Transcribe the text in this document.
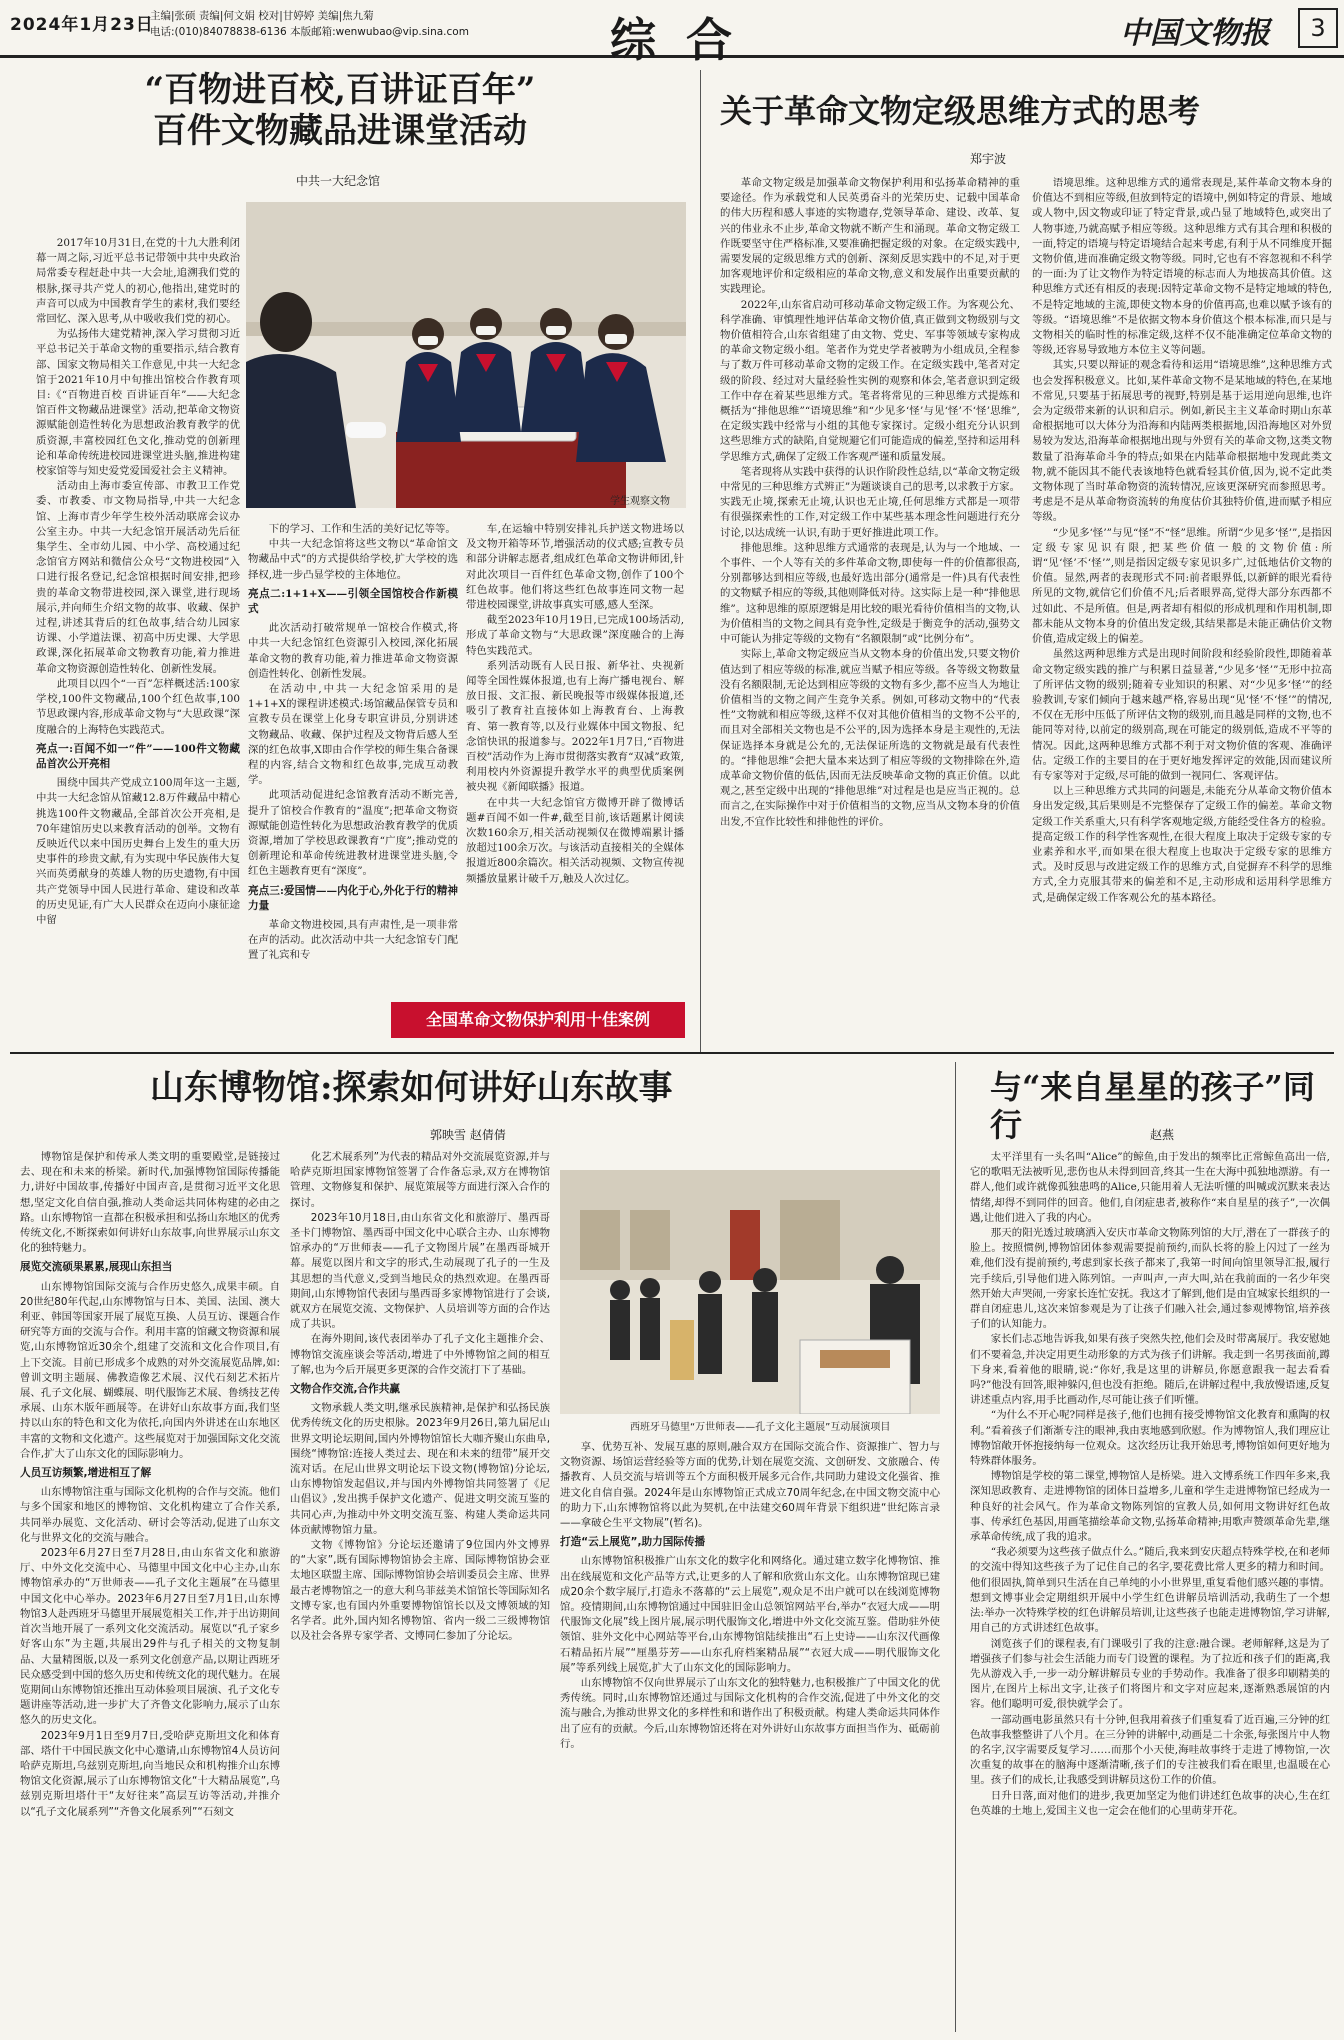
2024年1月23日
主编|张硕 责编|何文娟 校对|甘婷婷 美编|焦九菊
电话:(010)84078838-6136 本版邮箱:wenwubao@vip.sina.com	综合	中国文物报	3
“百物进百校,百讲证百年”
百件文物藏品进课堂活动
中共一大纪念馆
学生观察文物

2017年10月31日,在党的十九大胜利闭幕一周之际,习近平总书记带领中共中央政治局常委专程赶赴中共一大会址,追溯我们党的根脉,探寻共产党人的初心,他指出,建党时的声音可以成为中国教育学生的素材,我们要经常回忆、深入思考,从中吸收我们党的初心。

为弘扬伟大建党精神,深入学习贯彻习近平总书记关于革命文物的重要指示,结合教育部、国家文物局相关工作意见,中共一大纪念馆于2021年10月中旬推出馆校合作教育项目:《“百物进百校 百讲证百年”——大纪念馆百件文物藏品进课堂》活动,把革命文物资源赋能创造性转化为思想政治教育教学的优质资源,丰富校园红色文化,推动党的创新理论和革命传统进校园进课堂进头脑,推进构建校家馆等与知史爱党爱国爱社会主义精神。

活动由上海市委宣传部、市教卫工作党委、市教委、市文物局指导,中共一大纪念馆、上海市青少年学生校外活动联席会议办公室主办。中共一大纪念馆开展活动先后征集学生、全市幼儿园、中小学、高校通过纪念馆官方网站和微信公众号“文物进校园”入口进行报名登记,纪念馆根据时间安排,把珍贵的革命文物带进校园,深入课堂,进行现场展示,并向师生介绍文物的故事、收藏、保护过程,讲述其背后的红色故事,结合幼儿园家访课、小学道法课、初高中历史课、大学思政课,深化拓展革命文物教育功能,着力推进革命文物资源创造性转化、创新性发展。

此项目以四个“一百”怎样概述活:100家学校,100件文物藏品,100个红色故事,100节思政课内容,形成革命文物与“大思政课”深度融合的上海特色实践范式。

亮点一:百闻不如一“件”——100件文物藏品首次公开亮相

围绕中国共产党成立100周年这一主题,中共一大纪念馆从馆藏12.8万件藏品中精心挑选100件文物藏品,全部首次公开亮相,是70年建馆历史以来教育活动的创举。文物有反映近代以来中国历史舞台上发生的重大历史事件的珍贵文献,有为实现中华民族伟大复兴而英勇献身的英雄人物的历史遗物,有中国共产党领导中国人民进行革命、建设和改革的历史见证,有广大人民群众在迈向小康征途中留

下的学习、工作和生活的美好记忆等等。

中共一大纪念馆将这些文物以“革命馆文物藏品中式”的方式提供给学校,扩大学校的选择权,进一步凸显学校的主体地位。

亮点二:1+1+X——引领全国馆校合作新模式

此次活动打破常规单一馆校合作模式,将中共一大纪念馆红色资源引入校园,深化拓展革命文物的教育功能,着力推进革命文物资源创造性转化、创新性发展。

在活动中,中共一大纪念馆采用的是1+1+X的课程讲述模式:场馆藏品保管专员和宣教专员在课堂上化身专职宣讲员,分别讲述文物藏品、收藏、保护过程及文物背后感人至深的红色故事,X即由合作学校的师生集合备课程的内容,结合文物和红色故事,完成互动教学。

此项活动促进纪念馆教育活动不断完善,提升了馆校合作教育的“温度”;把革命文物资源赋能创造性转化为思想政治教育教学的优质资源,增加了学校思政课教育“广度”;推动党的创新理论和革命传统进教材进课堂进头脑,令红色主题教育更有“深度”。

亮点三:爱国情——内化于心,外化于行的精神力量

革命文物进校园,具有声肃性,是一项非常在声的活动。此次活动中共一大纪念馆专门配置了礼宾和专

车,在运输中特别安排礼兵护送文物进场以及文物开箱等环节,增强活动的仪式感;宣教专员和部分讲解志愿者,组成红色革命文物讲师团,针对此次项目一百件红色革命文物,创作了100个红色故事。他们将这些红色故事连同文物一起带进校园课堂,讲故事真实可感,感人至深。

截至2023年10月19日,已完成100场活动,形成了革命文物与“大思政课”深度融合的上海特色实践范式。

系列活动既有人民日报、新华社、央视新闻等全国性媒体报道,也有上海广播电视台、解放日报、文汇报、新民晚报等市级媒体报道,还吸引了教育社直接体如上海教育台、上海教育、第一教育等,以及行业媒体中国文物报、纪念馆快讯的报道参与。2022年1月7日,“百物进百校”活动作为上海市贯彻落实教育“双减”政策,利用校内外资源提升教学水平的典型优质案例被央视《新闻联播》报道。

在中共一大纪念馆官方微博开辟了微博话题#百闻不如一件#,截至目前,该话题累计阅读次数160余万,相关活动视频仅在微博端累计播放超过100余万次。与该活动直接相关的全媒体报道近800余篇次。相关活动视频、文物宣传视频播放量累计破千万,触及人次过亿。

全国革命文物保护利用十佳案例
关于革命文物定级思维方式的思考
郑宇波

革命文物定级是加强革命文物保护利用和弘扬革命精神的重要途径。作为承载党和人民英勇奋斗的光荣历史、记载中国革命的伟大历程和感人事迹的实物遗存,党领导革命、建设、改革、复兴的伟业永不止步,革命文物就不断产生和涌现。革命文物定级工作既要坚守住严格标准,又要准确把握定级的对象。在定级实践中,需要发展的定级思维方式的创新、深刻反思实践中的不足,对于更加客观地评价和定级相应的革命文物,意义和发展作出重要贡献的实践理论。

2022年,山东省启动可移动革命文物定级工作。为客观公允、科学准确、审慎理性地评估革命文物价值,真正做到文物级别与文物价值相符合,山东省组建了由文物、党史、军事等领域专家构成的革命文物定级小组。笔者作为党史学者被聘为小组成员,全程参与了数万件可移动革命文物的定级工作。在定级实践中,笔者对定级的阶段、经过对大量经验性实例的观察和体会,笔者意识到定级工作中存在着某些思维方式。笔者将常见的三种思维方式提炼和概括为“排他思维”“语境思维”和“少见多‘怪’与见‘怪’不‘怪’思维”,在定级实践中经常与小组的其他专家探讨。定级小组充分认识到这些思维方式的缺陷,自觉规避它们可能造成的偏差,坚持和运用科学思维方式,确保了定级工作客观严谨和质量发展。

笔者现将从实践中获得的认识作阶段性总结,以“革命文物定级中常见的三种思维方式辨正”为题谈谈自己的思考,以求教于方家。实践无止境,探索无止境,认识也无止境,任何思维方式都是一项带有很强探索性的工作,对定级工作中某些基本理念性问题进行充分讨论,以达成统一认识,有助于更好推进此项工作。

排他思维。这种思维方式通常的表现是,认为与一个地域、一个事件、一个人等有关的多件革命文物,即使每一件的价值都很高,分别都够达到相应等级,也最好选出部分(通常是一件)具有代表性的文物赋予相应的等级,其他则降低对待。这实际上是一种“排他思维”。这种思维的原原逻辑是用比较的眼光看待价值相当的文物,认为价值相当的文物之间具有竞争性,定级是于衡竞争的活动,强势文中可能认为排定等级的文物有“名额限制”或“比例分布”。

实际上,革命文物定级应当从文物本身的价值出发,只要文物价值达到了相应等级的标准,就应当赋予相应等级。各等级文物数量没有名额限制,无论达到相应等级的文物有多少,都不应当人为地让价值相当的文物之间产生竞争关系。例如,可移动文物中的“代表性”文物就和相应等级,这样不仅对其他价值相当的文物不公平的,而且对全部相关文物也是不公平的,因为选择本身是主观性的,无法保证选择本身就是公允的,无法保证所选的文物就是最有代表性的。“排他思维”会把大量本来达到了相应等级的文物排除在外,造成革命文物价值的低估,因而无法反映革命文物的真正价值。以此观之,甚至定级中出现的“排他思维”对过程是也是应当正视的。总而言之,在实际操作中对于价值相当的文物,应当从文物本身的价值出发,不宜作比较性和排他性的评价。

语境思维。这种思维方式的通常表现是,某件革命文物本身的价值达不到相应等级,但放到特定的语境中,例如特定的背景、地域或人物中,因文物或印证了特定背景,或凸显了地域特色,或突出了人物事迹,乃就高赋予相应等级。这种思维方式有其合理和积极的一面,特定的语境与特定语境结合起来考虑,有利于从不同维度开掘文物价值,进而准确定级文物等级。同时,它也有不容忽视和不科学的一面:为了让文物作为特定语境的标志而人为地拔高其价值。这种思维方式还有相反的表现:因特定革命文物不是特定地域的特色,不是特定地域的主流,即使文物本身的价值再高,也难以赋予该有的等级。“语境思维”不是依据文物本身价值这个根本标准,而只是与文物相关的临时性的标准定级,这样不仅不能准确定位革命文物的等级,还容易导致地方本位主义等问题。

其实,只要以辩证的观念看待和运用“语境思维”,这种思维方式也会发挥积极意义。比如,某件革命文物不是某地域的特色,在某地不常见,只要基于拓展思考的视野,特别是基于运用逆向思维,也许会为定级带来新的认识和启示。例如,新民主主义革命时期山东革命根据地可以大体分为沿海和内陆两类根据地,因沿海地区对外贸易较为发达,沿海革命根据地出现与外贸有关的革命文物,这类文物数量了沿海革命斗争的特点;如果在内陆革命根据地中发现此类文物,就不能因其不能代表该地特色就看轻其价值,因为,说不定此类文物体现了当时革命物资的流转情况,应该更深研究而参照思考。考虑是不是从革命物资流转的角度估价其独特价值,进而赋予相应等级。

“少见多‘怪’”与见“怪”不“怪”思维。所谓“少见多‘怪’”,是指因定级专家见识有限,把某些价值一般的文物价值:所谓“见‘怪’不‘怪’”,则是指因定级专家见识多广,过低地估价文物的价值。显然,两者的表现形式不同:前者眼界低,以新鲜的眼光看待所见的文物,就信它们价值不凡;后者眼界高,觉得大部分东西都不过如此、不是所值。但是,两者却有相似的形成机理和作用机制,即都未能从文物本身的价值出发定级,其结果都是未能正确估价文物价值,造成定级上的偏差。

虽然这两种思维方式是出现时间阶段和经验阶段性,即随着革命文物定级实践的推广与积累日益显著,“少见多‘怪’”无形中拉高了所评估文物的级别;随着专业知识的积累、对“少见多‘怪’”的经验教训,专家们倾向于越来越严格,容易出现“见‘怪’不‘怪’”的情况,不仅在无形中压低了所评估文物的级别,而且越是同样的文物,也不能同等对待,以前定的级别高,现在可能定的级别低,造成不平等的情况。因此,这两种思维方式都不利于对文物价值的客观、准确评估。定级工作的主要目的在于更好地发挥评定的效能,因而建议所有专家等对于定级,尽可能的做到一视同仁、客观评估。

以上三种思维方式共同的问题是,未能充分从革命文物价值本身出发定级,其后果则是不完整保存了定级工作的偏差。革命文物定级工作关系重大,只有科学客观地定级,方能经受住各方的检验。提高定级工作的科学性客观性,在很大程度上取决于定级专家的专业素养和水平,而如果在很大程度上也取决于定级专家的思维方式。及时反思与改进定级工作的思维方式,自觉摒弃不科学的思维方式,全力克服其带来的偏差和不足,主动形成和运用科学思维方式,是确保定级工作客观公允的基本路径。

山东博物馆:探索如何讲好山东故事
郭映雪 赵倩倩
西班牙马德里“万世师表——孔子文化主题展”互动展演项目

博物馆是保护和传承人类文明的重要殿堂,是链接过去、现在和未来的桥梁。新时代,加强博物馆国际传播能力,讲好中国故事,传播好中国声音,是贯彻习近平文化思想,坚定文化自信自强,推动人类命运共同体构建的必由之路。山东博物馆一直都在积极承担和弘扬山东地区的优秀传统文化,不断探索如何讲好山东故事,向世界展示山东文化的独特魅力。

展览交流硕果累累,展现山东担当

山东博物馆国际交流与合作历史悠久,成果丰硕。自20世纪80年代起,山东博物馆与日本、美国、法国、澳大利亚、韩国等国家开展了展览互换、人员互访、课题合作研究等方面的交流与合作。利用丰富的馆藏文物资源和展览,山东博物馆近30余个,组建了交流和文化合作项目,有上下交流。目前已形成多个成熟的对外交流展览品牌,如:曾训文明主题展、佛教造像艺术展、汉代石刻艺术拓片展、孔子文化展、蝴蝶展、明代服饰艺术展、鲁绣技艺传承展、山东木版年画展等。在讲好山东故事方面,我们坚持以山东的特色和文化为依托,向国内外讲述在山东地区丰富的文物和文化遗产。这些展览对于加强国际文化交流合作,扩大了山东文化的国际影响力。

人员互访频繁,增进相互了解

山东博物馆注重与国际文化机构的合作与交流。他们与多个国家和地区的博物馆、文化机构建立了合作关系,共同举办展览、文化活动、研讨会等活动,促进了山东文化与世界文化的交流与融合。

2023年6月27日至7月28日,由山东省文化和旅游厅、中外文化交流中心、马德里中国文化中心主办,山东博物馆承办的“万世师表——孔子文化主题展”在马德里中国文化中心举办。2023年6月27日至7月1日,山东博物馆3人赴西班牙马德里开展展览相关工作,并于出访期间首次当地开展了一系列文化交流活动。展览以“孔子家乡 好客山东”为主题,共展出29件与孔子相关的文物复制品、大量精图版,以及一系列文化创意产品,以期让西班牙民众感受到中国的悠久历史和传统文化的现代魅力。在展览期间山东博物馆还推出互动体验项目展演、孔子文化专题讲座等活动,进一步扩大了齐鲁文化影响力,展示了山东悠久的历史文化。

2023年9月1日至9月7日,受哈萨克斯坦文化和体育部、塔什干中国民族文化中心邀请,山东博物馆4人员访问哈萨克斯坦,乌兹别克斯坦,向当地民众和机构推介山东博物馆文化资源,展示了山东博物馆文化“十大精品展览”,乌兹别克斯坦塔什干“友好往来”高层互访等活动,并推介以“孔子文化展系列”“齐鲁文化展系列”“石刻文

化艺术展系列”为代表的精品对外交流展览资源,并与哈萨克斯坦国家博物馆签署了合作备忘录,双方在博物馆管理、文物修复和保护、展览策展等方面进行深入合作的探讨。

2023年10月18日,由山东省文化和旅游厅、墨西哥圣卡门博物馆、墨西哥中国文化中心联合主办、山东博物馆承办的“万世师表——孔子文物图片展”在墨西哥城开幕。展览以图片和文字的形式,生动展现了孔子的一生及其思想的当代意义,受到当地民众的热烈欢迎。在墨西哥期间,山东博物馆代表团与墨西哥多家博物馆进行了会谈,就双方在展览交流、文物保护、人员培训等方面的合作达成了共识。

在海外期间,该代表团举办了孔子文化主题推介会、博物馆交流座谈会等活动,增进了中外博物馆之间的相互了解,也为今后开展更多更深的合作交流打下了基础。

文物合作交流,合作共赢

文物承载人类文明,继承民族精神,是保护和弘扬民族优秀传统文化的历史根脉。2023年9月26日,第九届尼山世界文明论坛期间,国内外博物馆馆长大咖齐聚山东曲阜,围绕“博物馆:连接人类过去、现在和未来的纽带”展开交流对话。在尼山世界文明论坛下设文物(博物馆)分论坛,山东博物馆发起倡议,并与国内外博物馆共同签署了《尼山倡议》,发出携手保护文化遗产、促进文明交流互鉴的共同心声,为推动中外文明交流互鉴、构建人类命运共同体贡献博物馆力量。

文物《博物馆》分论坛还邀请了9位国内外文博界的“大家”,既有国际博物馆协会主席、国际博物馆协会亚太地区联盟主席、国际博物馆协会培训委员会主席、世界最古老博物馆之一的意大利乌菲兹美术馆馆长等国际知名文博专家,也有国内外重要博物馆馆长以及文博领域的知名学者。此外,国内知名博物馆、省内一级二三级博物馆以及社会各界专家学者、文博同仁参加了分论坛。

享、优势互补、发展互惠的原则,融合双方在国际交流合作、资源推广、智力与文物资源、场馆运营经验等方面的优势,计划在展览交流、文创研发、文旅融合、传播教育、人员交流与培训等五个方面积极开展多元合作,共同助力建设文化强省、推进文化自信自强。2024年是山东博物馆正式成立70周年纪念,在中国文物交流中心的助力下,山东博物馆将以此为契机,在中法建交60周年背景下组织进“世纪陈言录——拿破仑生平文物展”(暂名)。

打造“云上展览”,助力国际传播

山东博物馆积极推广山东文化的数字化和网络化。通过建立数字化博物馆、推出在线展览和文化产品等方式,让更多的人了解和欣赏山东文化。山东博物馆现已建成20余个数字展厅,打造永不落幕的“云上展览”,观众足不出户就可以在线浏览博物馆。疫情期间,山东博物馆通过中国驻旧金山总领馆网站平台,举办“衣冠大成——明代服饰文化展”线上图片展,展示明代服饰文化,增进中外文化交流互鉴。借助驻外使领馆、驻外文化中心网站等平台,山东博物馆陆续推出“石上史诗——山东汉代画像石精品拓片展”“厘墨芬芳——山东孔府档案精品展”“衣冠大成——明代服饰文化展”等系列线上展览,扩大了山东文化的国际影响力。

山东博物馆不仅向世界展示了山东文化的独特魅力,也积极推广了中国文化的优秀传统。同时,山东博物馆还通过与国际文化机构的合作交流,促进了中外文化的交流与融合,为推动世界文化的多样性和和谐作出了积极贡献。构建人类命运共同体作出了应有的贡献。今后,山东博物馆还将在对外讲好山东故事方面担当作为、砥砺前行。

与“来自星星的孩子”同行	赵燕

太平洋里有一头名叫“Alice”的鲸鱼,由于发出的频率比正常鲸鱼高出一倍,它的歌唱无法被听见,悲伤也从未得到回音,终其一生在大海中孤独地漂游。有一群人,他们或许就像孤独患鸣的Alice,只能用着人无法听懂的叫喊或沉默来表达情绪,却得不到同伴的回音。他们,自闭症患者,被称作“来自星星的孩子”,一次偶遇,让他们进入了我的内心。

那天的阳光透过玻璃洒入安庆市革命文物陈列馆的大厅,潜在了一群孩子的脸上。按照惯例,博物馆团体参观需要提前预约,而队长将的脸上闪过了一丝为难,他们没有提前预约,考虑到家长孩子都来了,我第一时间向馆里领导汇报,履行完手续后,引导他们进入陈列馆。一声叫声,一声大叫,站在我前面的一名少年突然开始大声哭闹,一旁家长连忙安抚。我这才了解到,他们是由宜城家长组织的一群自闭症患儿,这次来馆参观是为了让孩子们融入社会,通过参观博物馆,培养孩子们的认知能力。

家长们忐忑地告诉我,如果有孩子突然失控,他们会及时带离展厅。我安慰她们不要着急,并决定用更生动形象的方式为孩子们讲解。我走到一名男孩面前,蹲下身来,看着他的眼睛,说:“你好,我是这里的讲解员,你愿意跟我一起去看看吗?”他没有回答,眼神躲闪,但也没有拒绝。随后,在讲解过程中,我放慢语速,反复讲述重点内容,用手比画动作,尽可能让孩子们听懂。

“为什么不开心呢?同样是孩子,他们也拥有接受博物馆文化教育和熏陶的权利。”看着孩子们渐渐专注的眼神,我由衷地感到欣慰。作为博物馆人,我们理应让博物馆敞开怀抱接纳每一位观众。这次经历让我开始思考,博物馆如何更好地为特殊群体服务。

博物馆是学校的第二课堂,博物馆人是桥梁。进入文博系统工作四年多来,我深知思政教育、走进博物馆的团体日益增多,儿童和学生走进博物馆已经成为一种良好的社会风气。作为革命文物陈列馆的宣教人员,如何用文物讲好红色故事、传承红色基因,用画笔描绘革命文物,弘扬革命精神;用歌声赞颂革命先辈,继承革命传统,成了我的追求。

“我必须要为这些孩子做点什么。”随后,我来到安庆超点特殊学校,在和老师的交流中得知这些孩子为了记住自己的名字,要花费比常人更多的精力和时间。他们很固执,简单到只生活在自己单纯的小小世界里,重复看他们感兴趣的事情。想到文博事业会定期组织开展中小学生红色讲解员培训活动,我萌生了一个想法:举办一次特殊学校的红色讲解员培训,让这些孩子也能走进博物馆,学习讲解,用自己的方式讲述红色故事。

浏览孩子们的课程表,有门课吸引了我的注意:融合课。老师解释,这是为了增强孩子们参与社会生活能力而专门设置的课程。为了拉近和孩子们的距离,我先从游戏入手,一步一动分解讲解员专业的手势动作。我准备了很多印刷精美的图片,在图片上标出文字,让孩子们将图片和文字对应起来,逐渐熟悉展馆的内容。他们聪明可爱,很快就学会了。

一部动画电影虽然只有十分钟,但我用着孩子们重复看了近百遍,三分钟的红色故事我整整讲了八个月。在三分钟的讲解中,动画是二十余张,每张图片中人物的名字,汉字需要反复学习……而那个小天使,海哇故事终于走进了博物馆,一次次重复的故事在的脑海中逐渐清晰,孩子们的专注被我们看在眼里,也温暖在心里。孩子们的成长,让我感受到讲解员这份工作的价值。

日升日落,面对他们的进步,我更加坚定为他们讲述红色故事的决心,生在红色英雄的土地上,爱国主义也一定会在他们的心里萌芽开花。
